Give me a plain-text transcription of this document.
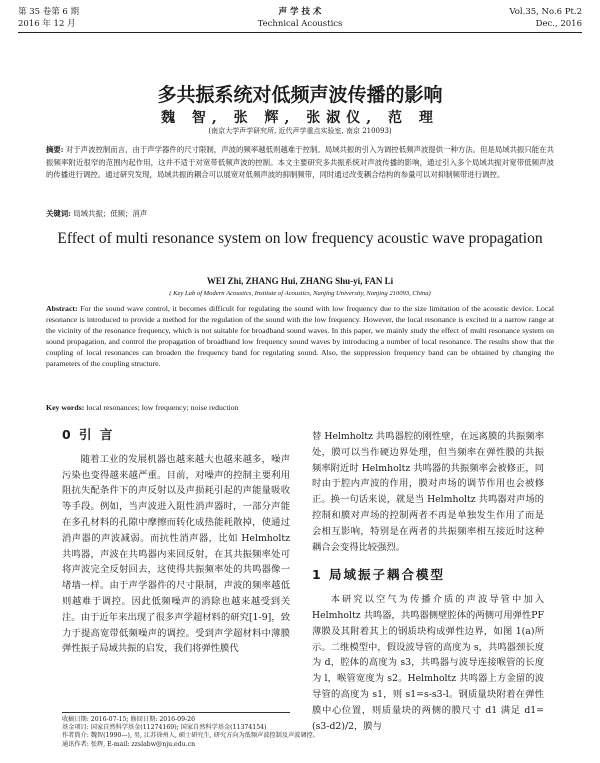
第 35 卷第 6 期
2016 年 12 月
声 学 技 术
Technical Acoustics
Vol.35, No.6 Pt.2
Dec., 2016
多共振系统对低频声波传播的影响
魏 智, 张 辉, 张淑仪, 范 理
(南京大学声学研究所, 近代声学重点实验室, 南京 210093)
摘要: 对于声波控制而言，由于声学器件的尺寸限制，声波的频率越低则越难于控制。局域共振的引入为调控低频声波提供一种方法。但是局域共振只能在共振频率附近很窄的范围内起作用，这并不适于对宽带低频声波的控制。本文主要研究多共振系统对声波传播的影响，通过引入多个局域共振对宽带低频声波的传播进行调控。通过研究发现，局域共振的耦合可以展宽对低频声波的抑制频带，同时通过改变耦合结构的参量可以对抑制频带进行调控。
关键词: 局域共振；低频；消声
Effect of multi resonance system on low frequency acoustic wave propagation
WEI Zhi, ZHANG Hui, ZHANG Shu-yi, FAN Li
( Key Lab of Modern Acoustics, Institute of Acoustics, Nanjing University, Nanjing 210093, China)
Abstract: For the sound wave control, it becomes difficult for regulating the sound with low frequency due to the size limitation of the acoustic device. Local resonance is introduced to provide a method for the regulation of the sound with the low frequency. However, the local resonance is excited in a narrow range at the vicinity of the resonance frequency, which is not suitable for broadband sound waves. In this paper, we mainly study the effect of multi resonance system on sound propagation, and control the propagation of broadband low frequency sound waves by introducing a number of local resonance. The results show that the coupling of local resonances can broaden the frequency band for regulating sound. Also, the suppression frequency band can be obtained by changing the parameters of the coupling structure.
Key words: local resonances; low frequency; noise reduction
0 引 言

随着工业的发展机器也越来越大也越来越多，噪声污染也变得越来越严重。目前，对噪声的控制主要利用阻抗失配条件下的声反射以及声损耗引起的声能量吸收等手段。例如，当声波进入阻性消声器时，一部分声能在多孔材料的孔隙中摩擦而转化成热能耗散掉，使通过消声器的声波减弱。而抗性消声器，比如 Helmholtz 共鸣器，声波在共鸣器内来回反射，在其共振频率处可将声波完全反射回去，这使得共振频率处的共鸣器像一堵墙一样。由于声学器件的尺寸限制，声波的频率越低则越难于调控。因此低频噪声的消除也越来越受到关注。由于近年来出现了很多声学超材料的研究[1-9]，致力于提高宽带低频噪声的调控。受到声学超材料中薄膜弹性振子局域共振的启发，我们将弹性膜代

替 Helmholtz 共鸣器腔的刚性壁，在远离膜的共振频率处，膜可以当作硬边界处理，但当频率在弹性膜的共振频率附近时 Helmholtz 共鸣器的共振频率会被修正，同时由于腔内声波的作用，膜对声场的调节作用也会被修正。换一句话来说，就是当 Helmholtz 共鸣器对声场的控制和膜对声场的控制两者不再是单独发生作用了而是会相互影响，特别是在两者的共振频率相互接近时这种耦合会变得比较强烈。

1 局域振子耦合模型

本研究以空气为传播介质的声波导管中加入 Helmholtz 共鸣器，共鸣器侧壁腔体的两侧可用弹性PF薄膜及其附着其上的钢质块构成弹性边界，如图 1(a)所示。二维模型中，假设波导管的高度为 s，共鸣器颈长度为 d，腔体的高度为 s3，共鸣器与波导连接喉管的长度为 l，喉管宽度为 s2。Helmholtz 共鸣器上方金留的波导管的高度为 s1，则 s1=s-s3-l。钢质量块附着在弹性膜中心位置，则质量块的两侧的膜尺寸 d1 满足 d1=(s3-d2)/2，膜与

收稿日期: 2016-07-15; 修回日期: 2016-09-26
基金项目: 国家自然科学基金(11274169); 国家自然科学基金(11374154)
作者简介: 魏智(1990—), 男, 江苏徐州人, 硕士研究生, 研究方向为低频声波控制及声波调控。
通讯作者: 张辉, E-mail: zzslabw@nju.edu.cn
